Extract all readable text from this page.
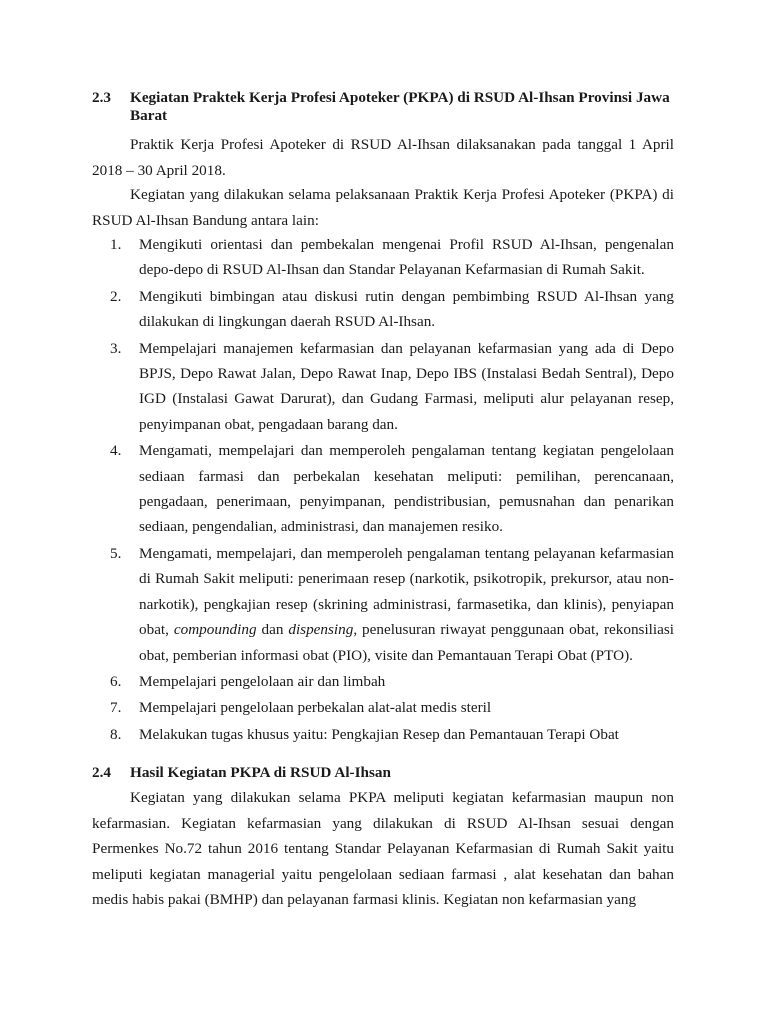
2.3 Kegiatan Praktek Kerja Profesi Apoteker (PKPA) di RSUD Al-Ihsan Provinsi Jawa Barat

Praktik Kerja Profesi Apoteker di RSUD Al-Ihsan dilaksanakan pada tanggal 1 April 2018 – 30 April 2018.

Kegiatan yang dilakukan selama pelaksanaan Praktik Kerja Profesi Apoteker (PKPA) di RSUD Al-Ihsan Bandung antara lain:

1. Mengikuti orientasi dan pembekalan mengenai Profil RSUD Al-Ihsan, pengenalan depo-depo di RSUD Al-Ihsan dan Standar Pelayanan Kefarmasian di Rumah Sakit.
2. Mengikuti bimbingan atau diskusi rutin dengan pembimbing RSUD Al-Ihsan yang dilakukan di lingkungan daerah RSUD Al-Ihsan.
3. Mempelajari manajemen kefarmasian dan pelayanan kefarmasian yang ada di Depo BPJS, Depo Rawat Jalan, Depo Rawat Inap, Depo IBS (Instalasi Bedah Sentral), Depo IGD (Instalasi Gawat Darurat), dan Gudang Farmasi, meliputi alur pelayanan resep, penyimpanan obat, pengadaan barang dan.
4. Mengamati, mempelajari dan memperoleh pengalaman tentang kegiatan pengelolaan sediaan farmasi dan perbekalan kesehatan meliputi: pemilihan, perencanaan, pengadaan, penerimaan, penyimpanan, pendistribusian, pemusnahan dan penarikan sediaan, pengendalian, administrasi, dan manajemen resiko.
5. Mengamati, mempelajari, dan memperoleh pengalaman tentang pelayanan kefarmasian di Rumah Sakit meliputi: penerimaan resep (narkotik, psikotropik, prekursor, atau non-narkotik), pengkajian resep (skrining administrasi, farmasetika, dan klinis), penyiapan obat, compounding dan dispensing, penelusuran riwayat penggunaan obat, rekonsiliasi obat, pemberian informasi obat (PIO), visite dan Pemantauan Terapi Obat (PTO).
6. Mempelajari pengelolaan air dan limbah
7. Mempelajari pengelolaan perbekalan alat-alat medis steril
8. Melakukan tugas khusus yaitu: Pengkajian Resep dan Pemantauan Terapi Obat
2.4 Hasil Kegiatan PKPA di RSUD Al-Ihsan

Kegiatan yang dilakukan selama PKPA meliputi kegiatan kefarmasian maupun non kefarmasian. Kegiatan kefarmasian yang dilakukan di RSUD Al-Ihsan sesuai dengan Permenkes No.72 tahun 2016 tentang Standar Pelayanan Kefarmasian di Rumah Sakit yaitu meliputi kegiatan managerial yaitu pengelolaan sediaan farmasi , alat kesehatan dan bahan medis habis pakai (BMHP) dan pelayanan farmasi klinis. Kegiatan non kefarmasian yang
